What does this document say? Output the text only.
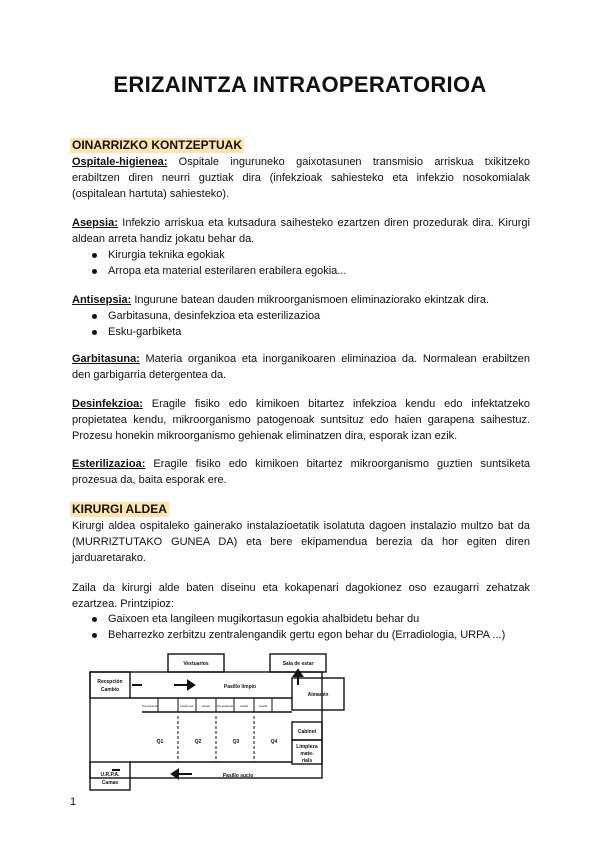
ERIZAINTZA INTRAOPERATORIOA
OINARRIZKO KONTZEPTUAK

Ospitale-higienea: Ospitale inguruneko gaixotasunen transmisio arriskua txikitzeko erabiltzen diren neurri guztiak dira (infekzioak sahiesteko eta infekzio nosokomialak (ospitalean hartuta) sahiesteko).

Asepsia: Infekzio arriskua eta kutsadura saihesteko ezartzen diren prozedurak dira. Kirurgi aldean arreta handiz jokatu behar da.

Kirurgia teknika egokiak
Arropa eta material esterilaren erabilera egokia...

Antisepsia: Ingurune batean dauden mikroorganismoen eliminaziorako ekintzak dira.

Garbitasuna, desinfekzioa eta esterilizazioa
Esku-garbiketa

Garbitasuna: Materia organikoa eta inorganikoaren eliminazioa da. Normalean erabiltzen den garbigarria detergentea da.

Desinfekzioa: Eragile fisiko edo kimikoen bitartez infekzioa kendu edo infektatzeko propietatea kendu, mikroorganismo patogenoak suntsituz edo haien garapena saihestuz. Prozesu honekin mikroorganismo gehienak eliminatzen dira, esporak izan ezik.

Esterilizazioa: Eragile fisiko edo kimikoen bitartez mikroorganismo guztien suntsiketa prozesua da, baita esporak ere.

KIRURGI ALDEA

Kirurgi aldea ospitaleko gainerako instalazioetatik isolatuta dagoen instalazio multzo bat da (MURRIZTUTAKO GUNEA DA) eta bere ekipamendua berezia da hor egiten diren jarduaretarako.

Zaila da kirurgi alde baten diseinu eta kokapenari dagokionez oso ezaugarri zehatzak ezartzea. Printzipioz:

Gaixoen eta langileen mugikortasun egokia ahalbidetu behar du
Beharrezko zerbitzu zentralengandik gertu egon behar du (Erradiologia, URPA ...)
Vestuarios	Sala de estar
Recepción
Cambio	Pasillo limpio
Almacén
Q1	Q2	Q3	Q4
Cabinet
Limpieza
mate-
rials
U.R.P.A.
Camas
Pasillo sucio
Pre-anestesia	Lavado quir.	Lavado	Pre-anestesia	Lavado	Lavado
1
